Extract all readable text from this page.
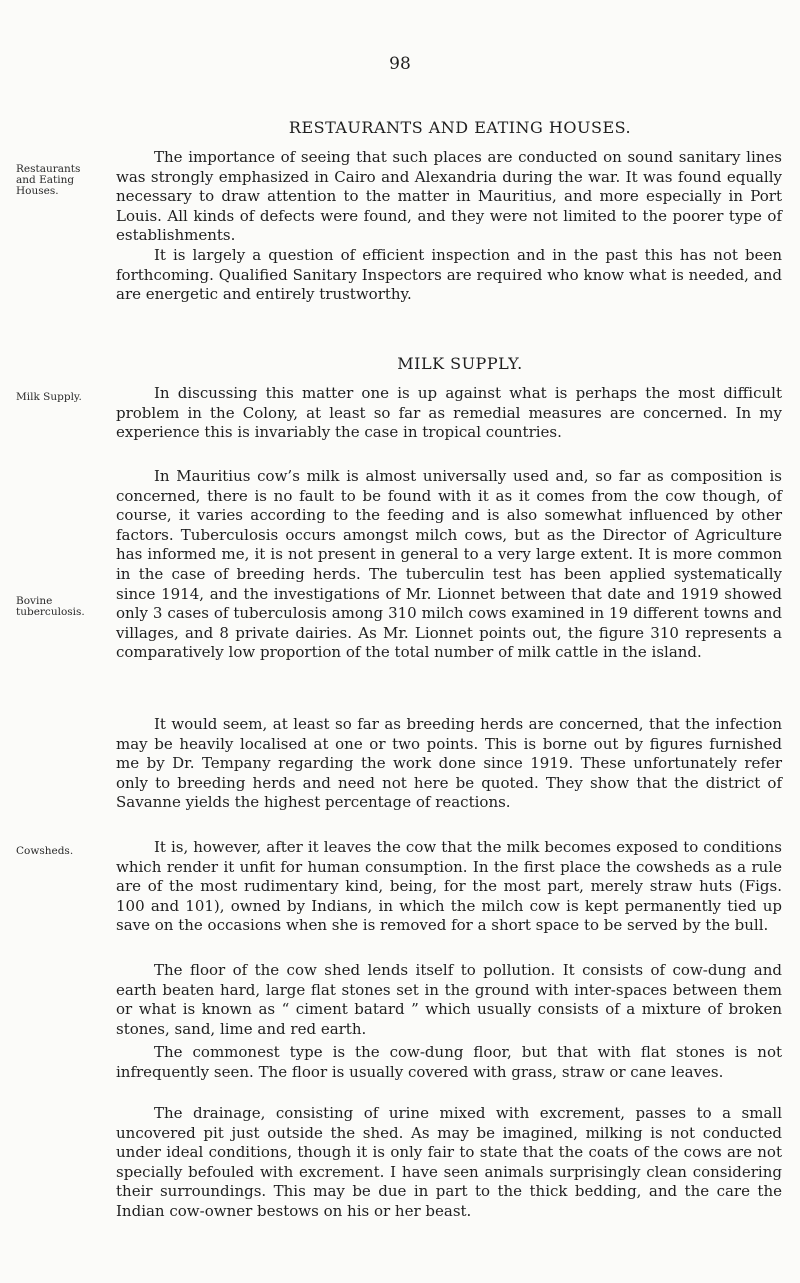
98
RESTAURANTS AND EATING HOUSES.
Restaurants and Eating Houses.

The importance of seeing that such places are conducted on sound sanitary lines was strongly emphasized in Cairo and Alexandria during the war. It was found equally necessary to draw attention to the matter in Mauritius, and more especially in Port Louis. All kinds of defects were found, and they were not limited to the poorer type of establishments.

It is largely a question of efficient inspection and in the past this has not been forthcoming. Qualified Sanitary Inspectors are required who know what is needed, and are energetic and entirely trustworthy.

MILK SUPPLY.
Milk Supply.	In discussing this matter one is up against what is perhaps the most difficult problem in the Colony, at least so far as remedial measures are concerned. In my experience this is invariably the case in tropical countries.

Bovine tuberculosis.

In Mauritius cow’s milk is almost universally used and, so far as composition is concerned, there is no fault to be found with it as it comes from the cow though, of course, it varies according to the feeding and is also somewhat influenced by other factors. Tuberculosis occurs amongst milch cows, but as the Director of Agriculture has informed me, it is not present in general to a very large extent. It is more common in the case of breeding herds. The tuberculin test has been applied systematically since 1914, and the investigations of Mr. Lionnet between that date and 1919 showed only 3 cases of tuberculosis among 310 milch cows examined in 19 different towns and villages, and 8 private dairies. As Mr. Lionnet points out, the figure 310 represents a comparatively low proportion of the total number of milk cattle in the island.

It would seem, at least so far as breeding herds are concerned, that the infection may be heavily localised at one or two points. This is borne out by figures furnished me by Dr. Tempany regarding the work done since 1919. These unfortunately refer only to breeding herds and need not here be quoted. They show that the district of Savanne yields the highest percentage of reactions.

Cowsheds.	It is, however, after it leaves the cow that the milk becomes exposed to conditions which render it unfit for human consumption. In the first place the cowsheds as a rule are of the most rudimentary kind, being, for the most part, merely straw huts (Figs. 100 and 101), owned by Indians, in which the milch cow is kept permanently tied up save on the occasions when she is removed for a short space to be served by the bull.

The floor of the cow shed lends itself to pollution. It consists of cow-dung and earth beaten hard, large flat stones set in the ground with inter-spaces between them or what is known as “ ciment batard ” which usually consists of a mixture of broken stones, sand, lime and red earth.

The commonest type is the cow-dung floor, but that with flat stones is not infrequently seen. The floor is usually covered with grass, straw or cane leaves.

The drainage, consisting of urine mixed with excrement, passes to a small uncovered pit just outside the shed. As may be imagined, milking is not conducted under ideal conditions, though it is only fair to state that the coats of the cows are not specially befouled with excrement. I have seen animals surprisingly clean considering their surroundings. This may be due in part to the thick bedding, and the care the Indian cow-owner bestows on his or her beast.
